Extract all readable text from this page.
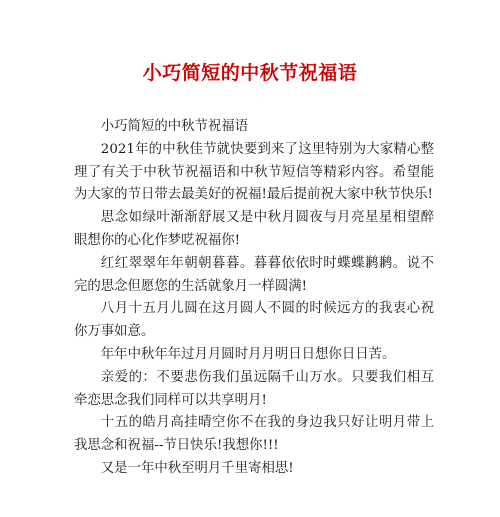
小巧简短的中秋节祝福语

小巧简短的中秋节祝福语

2021年的中秋佳节就快要到来了这里特别为大家精心整理了有关于中秋节祝福语和中秋节短信等精彩内容。希望能为大家的节日带去最美好的祝福!最后提前祝大家中秋节快乐!

思念如绿叶渐渐舒展又是中秋月圆夜与月亮星星相望醉眼想你的心化作梦呓祝福你!

红红翠翠年年朝朝暮暮。暮暮依依时时蝶蝶鹣鹣。说不完的思念但愿您的生活就象月一样圆满!

八月十五月儿圆在这月圆人不圆的时候远方的我衷心祝你万事如意。

年年中秋年年过月月圆时月月明日日想你日日苦。

亲爱的：不要悲伤我们虽远隔千山万水。只要我们相互牵恋思念我们同样可以共享明月!

十五的皓月高挂晴空你不在我的身边我只好让明月带上我思念和祝福--节日快乐!我想你!!!

又是一年中秋至明月千里寄相思!
